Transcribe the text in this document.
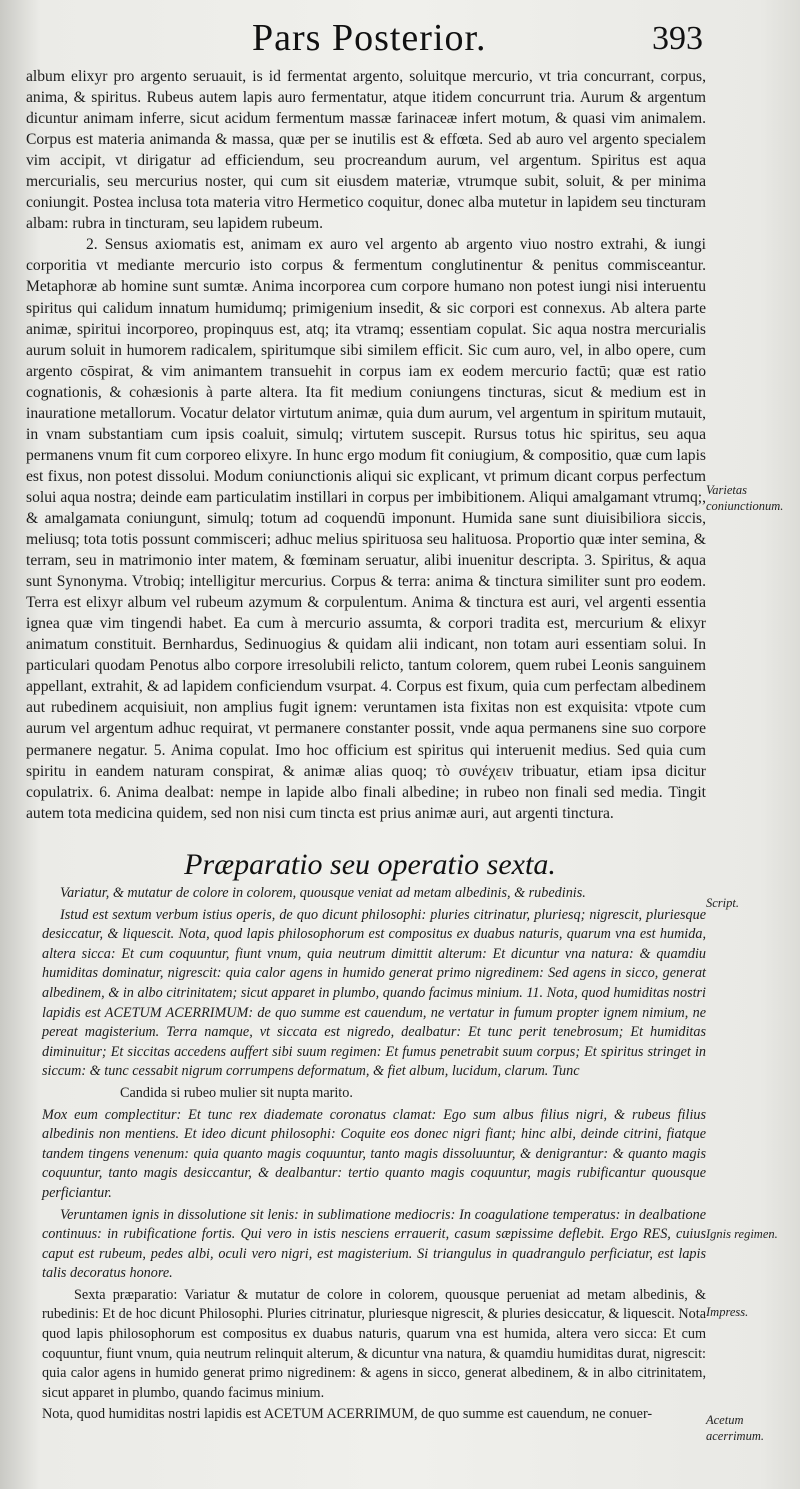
Pars Posterior.	393

album elixyr pro argento seruauit, is id fermentat argento, soluitque mercurio, vt tria concurrant, corpus, anima, & spiritus. Rubeus autem lapis auro fermentatur, atque itidem concurrunt tria. Aurum & argentum dicuntur animam inferre, sicut acidum fermentum massæ farinaceæ infert motum, & quasi vim animalem. Corpus est materia animanda & massa, quæ per se inutilis est & effœta. Sed ab auro vel argento specialem vim accipit, vt dirigatur ad efficiendum, seu procreandum aurum, vel argentum. Spiritus est aqua mercurialis, seu mercurius noster, qui cum sit eiusdem materiæ, vtrumque subit, soluit, & per minima coniungit. Postea inclusa tota materia vitro Hermetico coquitur, donec alba mutetur in lapidem seu tincturam albam: rubra in tincturam, seu lapidem rubeum.

2. Sensus axiomatis est, animam ex auro vel argento ab argento viuo nostro extrahi, & iungi corporitia vt mediante mercurio isto corpus & fermentum conglutinentur & penitus commisceantur. Metaphoræ ab homine sunt sumtæ. Anima incorporea cum corpore humano non potest iungi nisi interuentu spiritus qui calidum innatum humidumq; primigenium insedit, & sic corpori est connexus. Ab altera parte animæ, spiritui incorporeo, propinquus est, atq; ita vtramq; essentiam copulat. Sic aqua nostra mercurialis aurum soluit in humorem radicalem, spiritumque sibi similem efficit. Sic cum auro, vel, in albo opere, cum argento cōspirat, & vim animantem transuehit in corpus iam ex eodem mercurio factū; quæ est ratio cognationis, & cohæsionis à parte altera. Ita fit medium coniungens tincturas, sicut & medium est in inauratione metallorum. Vocatur delator virtutum animæ, quia dum aurum, vel argentum in spiritum mutauit, in vnam substantiam cum ipsis coaluit, simulq; virtutem suscepit. Rursus totus hic spiritus, seu aqua permanens vnum fit cum corporeo elixyre. In hunc ergo modum fit coniugium, & compositio, quæ cum lapis est fixus, non potest dissolui. Modum coniunctionis aliqui sic explicant, vt primum dicant corpus perfectum solui aqua nostra; deinde eam particulatim instillari in corpus per imbibitionem. Aliqui amalgamant vtrumq;, & amalgamata coniungunt, simulq; totum ad coquendū imponunt. Humida sane sunt diuisibiliora siccis, meliusq; tota totis possunt commisceri; adhuc melius spirituosa seu halituosa. Proportio quæ inter semina, & terram, seu in matrimonio inter matem, & fœminam seruatur, alibi inuenitur descripta. 3. Spiritus, & aqua sunt Synonyma. Vtrobiq; intelligitur mercurius. Corpus & terra: anima & tinctura similiter sunt pro eodem. Terra est elixyr album vel rubeum azymum & corpulentum. Anima & tinctura est auri, vel argenti essentia ignea quæ vim tingendi habet. Ea cum à mercurio assumta, & corpori tradita est, mercurium & elixyr animatum constituit. Bernhardus, Sedinuogius & quidam alii indicant, non totam auri essentiam solui. In particulari quodam Penotus albo corpore irresolubili relicto, tantum colorem, quem rubei Leonis sanguinem appellant, extrahit, & ad lapidem conficiendum vsurpat. 4. Corpus est fixum, quia cum perfectam albedinem aut rubedinem acquisiuit, non amplius fugit ignem: veruntamen ista fixitas non est exquisita: vtpote cum aurum vel argentum adhuc requirat, vt permanere constanter possit, vnde aqua permanens sine suo corpore permanere negatur. 5. Anima copulat. Imo hoc officium est spiritus qui interuenit medius. Sed quia cum spiritu in eandem naturam conspirat, & animæ alias quoq; τὸ συνέχειν tribuatur, etiam ipsa dicitur copulatrix. 6. Anima dealbat: nempe in lapide albo finali albedine; in rubeo non finali sed media. Tingit autem tota medicina quidem, sed non nisi cum tincta est prius animæ auri, aut argenti tinctura.

Varietas coniunctionum.
Præparatio seu operatio sexta.

Variatur, & mutatur de colore in colorem, quousque veniat ad metam albedinis, & rubedinis.

Istud est sextum verbum istius operis, de quo dicunt philosophi: pluries citrinatur, pluriesq; nigrescit, pluriesque desiccatur, & liquescit. Nota, quod lapis philosophorum est compositus ex duabus naturis, quarum vna est humida, altera sicca: Et cum coquuntur, fiunt vnum, quia neutrum dimittit alterum: Et dicuntur vna natura: & quamdiu humiditas dominatur, nigrescit: quia calor agens in humido generat primo nigredinem: Sed agens in sicco, generat albedinem, & in albo citrinitatem; sicut apparet in plumbo, quando facimus minium. 11. Nota, quod humiditas nostri lapidis est ACETUM ACERRIMUM: de quo summe est cauendum, ne vertatur in fumum propter ignem nimium, ne pereat magisterium. Terra namque, vt siccata est nigredo, dealbatur: Et tunc perit tenebrosum; Et humiditas diminuitur; Et siccitas accedens auffert sibi suum regimen: Et fumus penetrabit suum corpus; Et spiritus stringet in siccum: & tunc cessabit nigrum corrumpens deformatum, & fiet album, lucidum, clarum. Tunc

Candida si rubeo mulier sit nupta marito.

Mox eum complectitur: Et tunc rex diademate coronatus clamat: Ego sum albus filius nigri, & rubeus filius albedinis non mentiens. Et ideo dicunt philosophi: Coquite eos donec nigri fiant; hinc albi, deinde citrini, fiatque tandem tingens venenum: quia quanto magis coquuntur, tanto magis dissoluuntur, & denigrantur: & quanto magis coquuntur, tanto magis desiccantur, & dealbantur: tertio quanto magis coquuntur, magis rubificantur quousque perficiantur.

Veruntamen ignis in dissolutione sit lenis: in sublimatione mediocris: In coagulatione temperatus: in dealbatione continuus: in rubificatione fortis. Qui vero in istis nesciens errauerit, casum sæpissime deflebit. Ergo RES, cuius caput est rubeum, pedes albi, oculi vero nigri, est magisterium. Si triangulus in quadrangulo perficiatur, est lapis talis decoratus honore.

Sexta præparatio: Variatur & mutatur de colore in colorem, quousque perueniat ad metam albedinis, & rubedinis: Et de hoc dicunt Philosophi. Pluries citrinatur, pluriesque nigrescit, & pluries desiccatur, & liquescit. Nota quod lapis philosophorum est compositus ex duabus naturis, quarum vna est humida, altera vero sicca: Et cum coquuntur, fiunt vnum, quia neutrum relinquit alterum, & dicuntur vna natura, & quamdiu humiditas durat, nigrescit: quia calor agens in humido generat primo nigredinem: & agens in sicco, generat albedinem, & in albo citrinitatem, sicut apparet in plumbo, quando facimus minium.

Nota, quod humiditas nostri lapidis est ACETUM ACERRIMUM, de quo summe est cauendum, ne conuer-

Script.
Ignis regimen.
Impress.
Acetum acerrimum.
